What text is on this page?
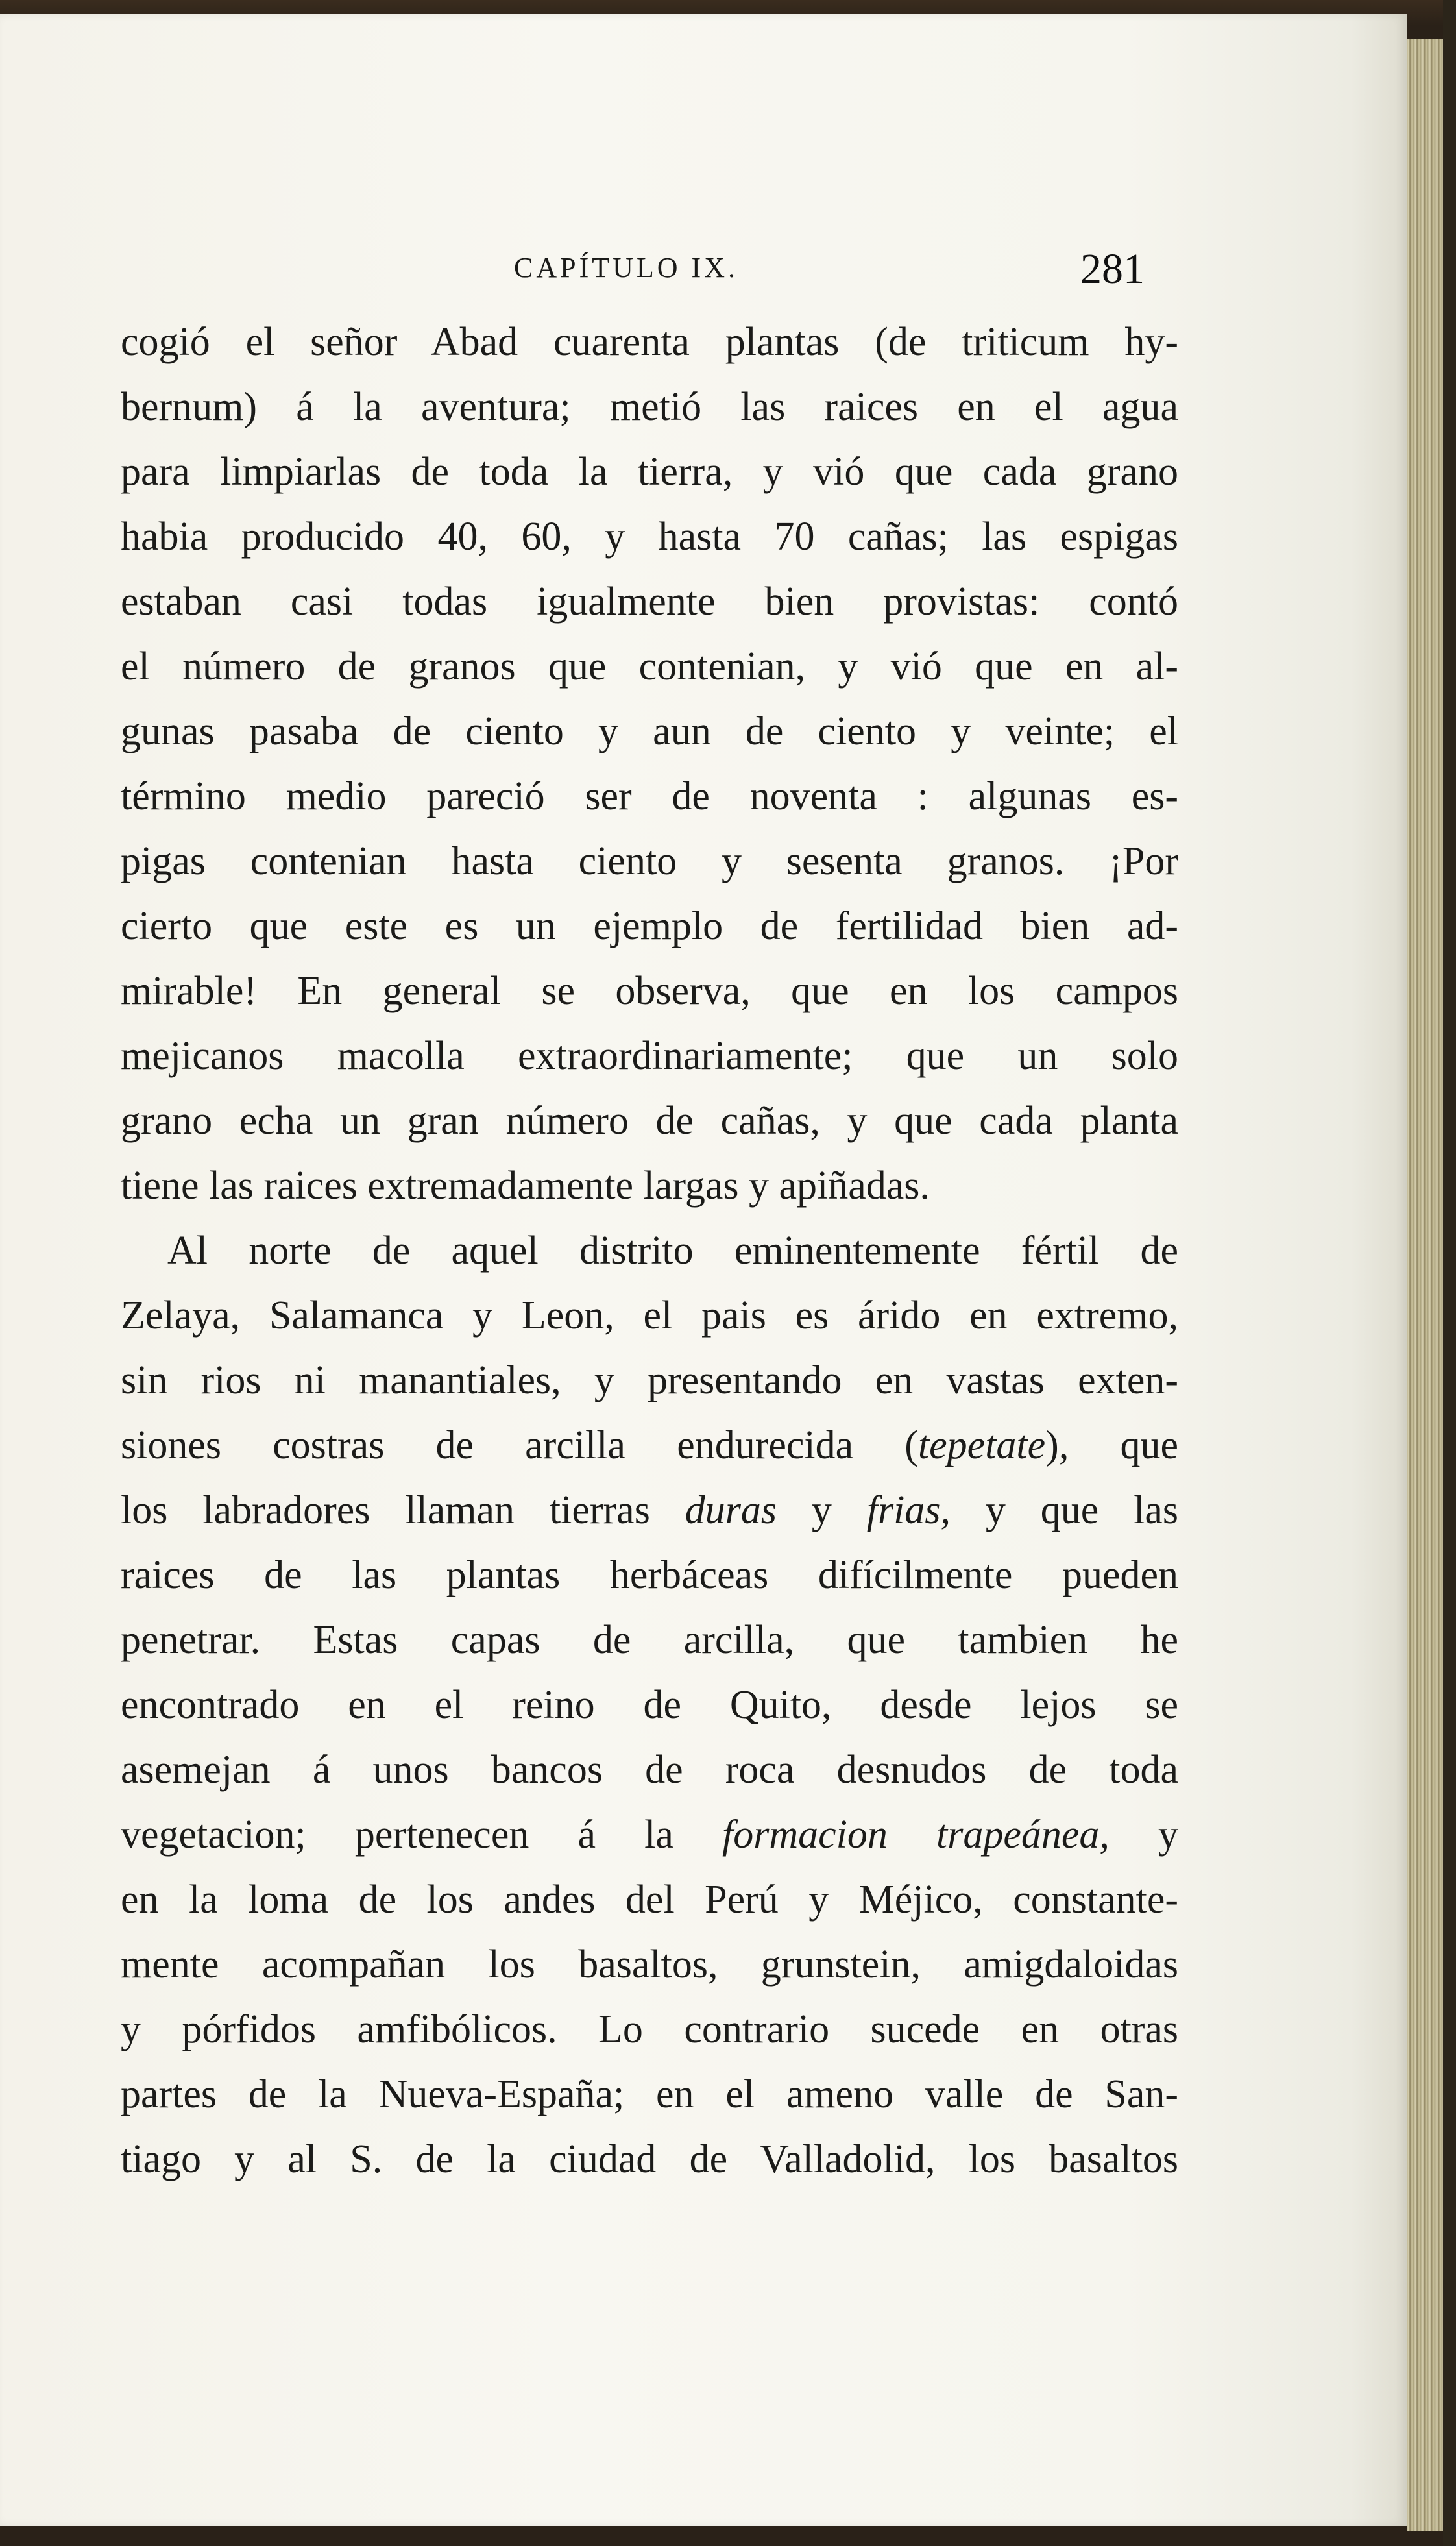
CAPÍTULO IX.	281
cogió el señor Abad cuarenta plantas (de triticum hy-
bernum) á la aventura; metió las raices en el agua
para limpiarlas de toda la tierra, y vió que cada grano
habia producido 40, 60, y hasta 70 cañas; las espigas
estaban casi todas igualmente bien provistas: contó
el número de granos que contenian, y vió que en al-
gunas pasaba de ciento y aun de ciento y veinte; el
término medio pareció ser de noventa : algunas es-
pigas contenian hasta ciento y sesenta granos. ¡Por
cierto que este es un ejemplo de fertilidad bien ad-
mirable! En general se observa, que en los campos
mejicanos macolla extraordinariamente; que un solo
grano echa un gran número de cañas, y que cada planta
tiene las raices extremadamente largas y apiñadas.
Al norte de aquel distrito eminentemente fértil de
Zelaya, Salamanca y Leon, el pais es árido en extremo,
sin rios ni manantiales, y presentando en vastas exten-
siones costras de arcilla endurecida (tepetate), que
los labradores llaman tierras duras y frias, y que las
raices de las plantas herbáceas difícilmente pueden
penetrar. Estas capas de arcilla, que tambien he
encontrado en el reino de Quito, desde lejos se
asemejan á unos bancos de roca desnudos de toda
vegetacion; pertenecen á la formacion trapeánea, y
en la loma de los andes del Perú y Méjico, constante-
mente acompañan los basaltos, grunstein, amigdaloidas
y pórfidos amfibólicos. Lo contrario sucede en otras
partes de la Nueva-España; en el ameno valle de San-
tiago y al S. de la ciudad de Valladolid, los basaltos
